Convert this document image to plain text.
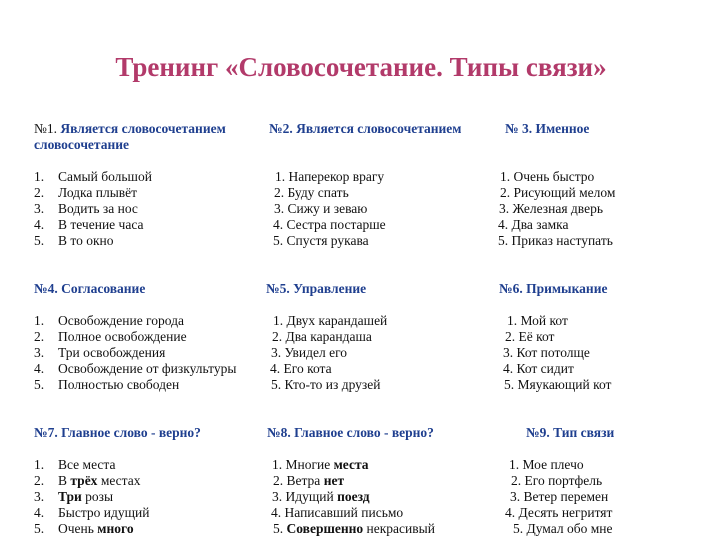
Тренинг «Словосочетание. Типы связи»
№1. Является словосочетанием
словосочетание
№2. Является словосочетанием	№ 3. Именное
1. Самый большой
2. Лодка плывёт
3. Водить за нос
4. В течение часа
5. В то окно
1. Наперекор врагу
2. Буду спать
3. Сижу и зеваю
4. Сестра постарше
5. Спустя рукава
1. Очень быстро
2. Рисующий мелом
3. Железная дверь
4. Два замка
5. Приказ наступать
№4. Согласование	№5. Управление	№6. Примыкание
1. Освобождение города
2. Полное освобождение
3. Три освобождения
4. Освобождение от физкультуры
5. Полностью свободен
1. Двух карандашей
2. Два карандаша
3. Увидел его
4. Его кота
5. Кто-то из друзей
1. Мой кот
2. Её кот
3. Кот потолще
4. Кот сидит
5. Мяукающий кот
№7. Главное слово - верно?	№8. Главное слово - верно?	№9. Тип связи
1. Все места
2. В трёх местах
3. Три розы
4. Быстро идущий
5. Очень много
1. Многие места
2. Ветра нет
3. Идущий поезд
4. Написавший письмо
5. Совершенно некрасивый
1. Мое плечо
2. Его портфель
3. Ветер перемен
4. Десять негритят
5. Думал обо мне
